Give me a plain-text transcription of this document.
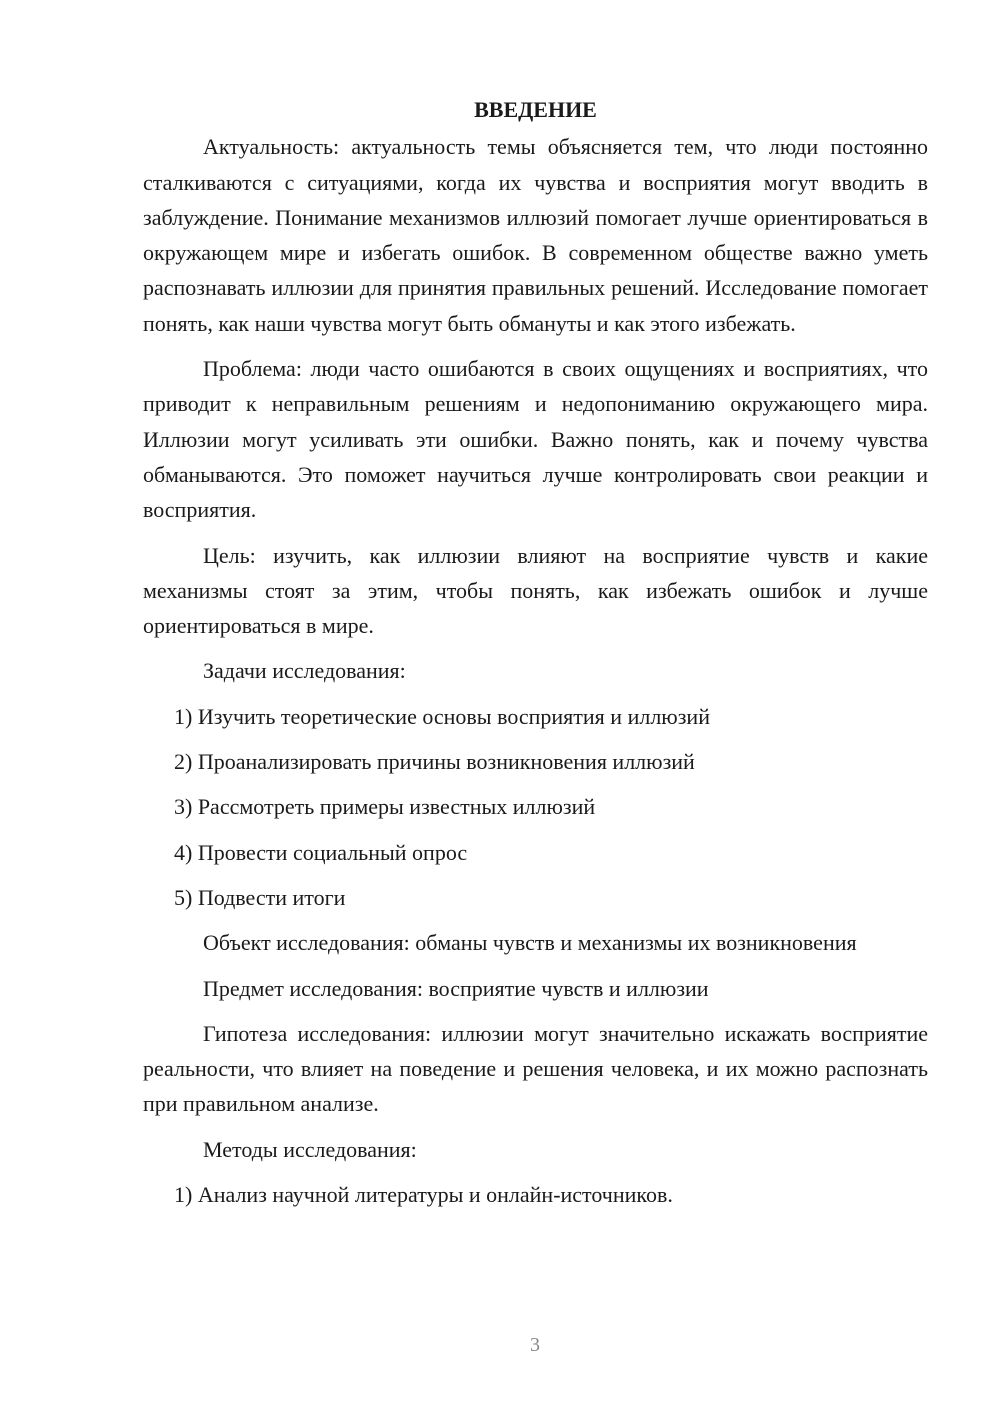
ВВЕДЕНИЕ

Актуальность: актуальность темы объясняется тем, что люди постоянно сталкиваются с ситуациями, когда их чувства и восприятия могут вводить в заблуждение. Понимание механизмов иллюзий помогает лучше ориентироваться в окружающем мире и избегать ошибок. В современном обществе важно уметь распознавать иллюзии для принятия правильных решений. Исследование помогает понять, как наши чувства могут быть обмануты и как этого избежать.

Проблема: люди часто ошибаются в своих ощущениях и восприятиях, что приводит к неправильным решениям и недопониманию окружающего мира. Иллюзии могут усиливать эти ошибки. Важно понять, как и почему чувства обманываются. Это поможет научиться лучше контролировать свои реакции и восприятия.

Цель: изучить, как иллюзии влияют на восприятие чувств и какие механизмы стоят за этим, чтобы понять, как избежать ошибок и лучше ориентироваться в мире.

Задачи исследования:

1) Изучить теоретические основы восприятия и иллюзий

2) Проанализировать причины возникновения иллюзий

3) Рассмотреть примеры известных иллюзий

4) Провести социальный опрос

5) Подвести итоги

Объект исследования: обманы чувств и механизмы их возникновения

Предмет исследования: восприятие чувств и иллюзии

Гипотеза исследования: иллюзии могут значительно искажать восприятие реальности, что влияет на поведение и решения человека, и их можно распознать при правильном анализе.

Методы исследования:

1) Анализ научной литературы и онлайн-источников.

3
